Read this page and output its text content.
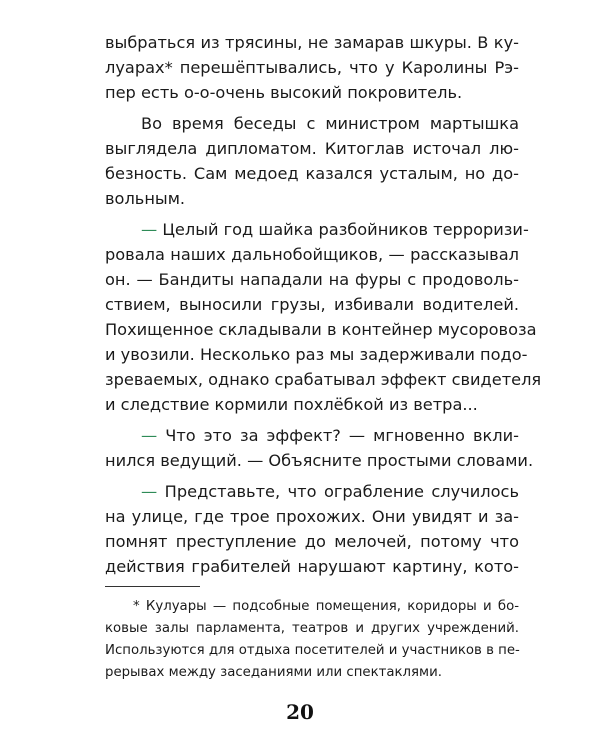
выбраться из трясины, не замарав шкуры. В ку-
луарах* перешёптывались, что у Каролины Рэ-
пер есть о-о-очень высокий покровитель.
Во время беседы с министром мартышка
выглядела дипломатом. Китоглав источал лю-
безность. Сам медоед казался усталым, но до-
вольным.
— Целый год шайка разбойников терроризи-
ровала наших дальнобойщиков, — рассказывал
он. — Бандиты нападали на фуры с продоволь-
ствием, выносили грузы, избивали водителей.
Похищенное складывали в контейнер мусоровоза
и увозили. Несколько раз мы задерживали подо-
зреваемых, однако срабатывал эффект свидетеля
и следствие кормили похлёбкой из ветра...
— Что это за эффект? — мгновенно вкли-
нился ведущий. — Объясните простыми словами.
— Представьте, что ограбление случилось
на улице, где трое прохожих. Они увидят и за-
помнят преступление до мелочей, потому что
действия грабителей нарушают картину, кото-
* Кулуары — подсобные помещения, коридоры и бо-
ковые залы парламента, театров и других учреждений.
Используются для отдыха посетителей и участников в пе-
рерывах между заседаниями или спектаклями.
20
